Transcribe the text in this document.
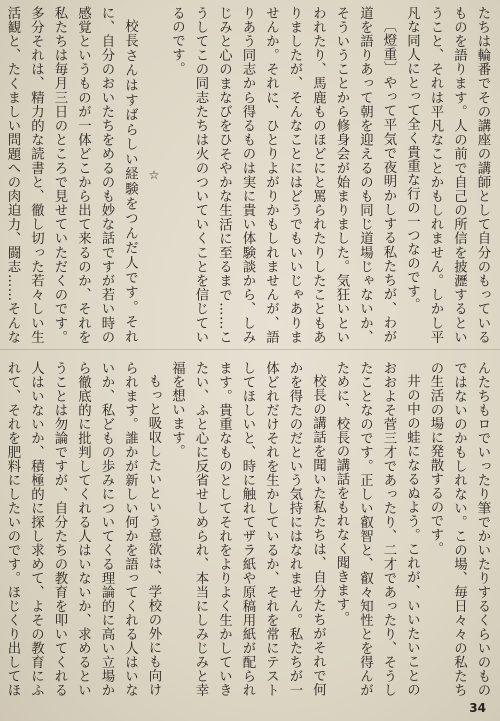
たちは輪番でその講座の講師として自分のもっているものを語ります。人の前で自己の所信を披瀝するということ、それは平凡なことかもしれません。しかし平凡な同人にとって全く貴重な行の一つなのです。

〔燈重〕やって平気で夜明かしする私たちが、わが道を語りあって朝を迎えるのも同じ道場じゃないか、そういうことから修身会が始まりました。気狂いといわれたり、馬鹿ものほどにと罵られたりしたこともありましたが、そんなことにはどうでもいいじゃありませんか。それに、ひとりよがりかもしれませんが、語りあう同志から得るものは実に貴い体験談から、しみじみと心のまなびをひそやかな生活に至るまで……こうしてこの同志たちは火のついていくことを信じているのです。

☆

校長さんはすばらしい経験をつんだ人です。それに、自分のおいたちをめるのも妙な話ですが若い時の感覚というものが一体どこから出て来るのか、それを私たちは毎月三日のところで見せていただくのです。多分それは、精力的な読書と、徹し切った若々しい生活観と、たくましい問題への肉迫力、闘志……そんな

んたちもロでいったり筆でかいたりするくらいのものではないのかもしれない。この場、毎日々々の私たちの生活の場に発散するのです。

井の中の蛙になるぬよう。これが、いいたいことのおおよそ菅三才であったり、二才であったり、そうしたことなのです。正しい叡智と、叡々知性とを得んがために、校長の講話をもれなく聞きます。

校長の講話を聞いた私たちは、自分たちがそれで何かを得たのだという気持にはなれません。私たちが一体どれだけそれを生かしているか、それを常にテストしてほしいと、時に触れてザラ紙や原稿用紙が配られます。貴重なものとしてそれをよりよく生かしていきたい、ふと心に反省せしめられ、本当にしみじみと幸福を想います。

もっと吸収したいという意欲は、学校の外にも向けられます。誰かが新しい何かを語ってくれる人はいないか、私どもの歩みについてくる理論的に高い立場から徹底的に批判してくれる人はいないか、求めるということは勿論ですが、自分たちの教育を叩いてくれる人はいないか、積極的に探し求めて、よその教育にふれて、それを肥料にしたいのです。ほじくり出してほ

34
